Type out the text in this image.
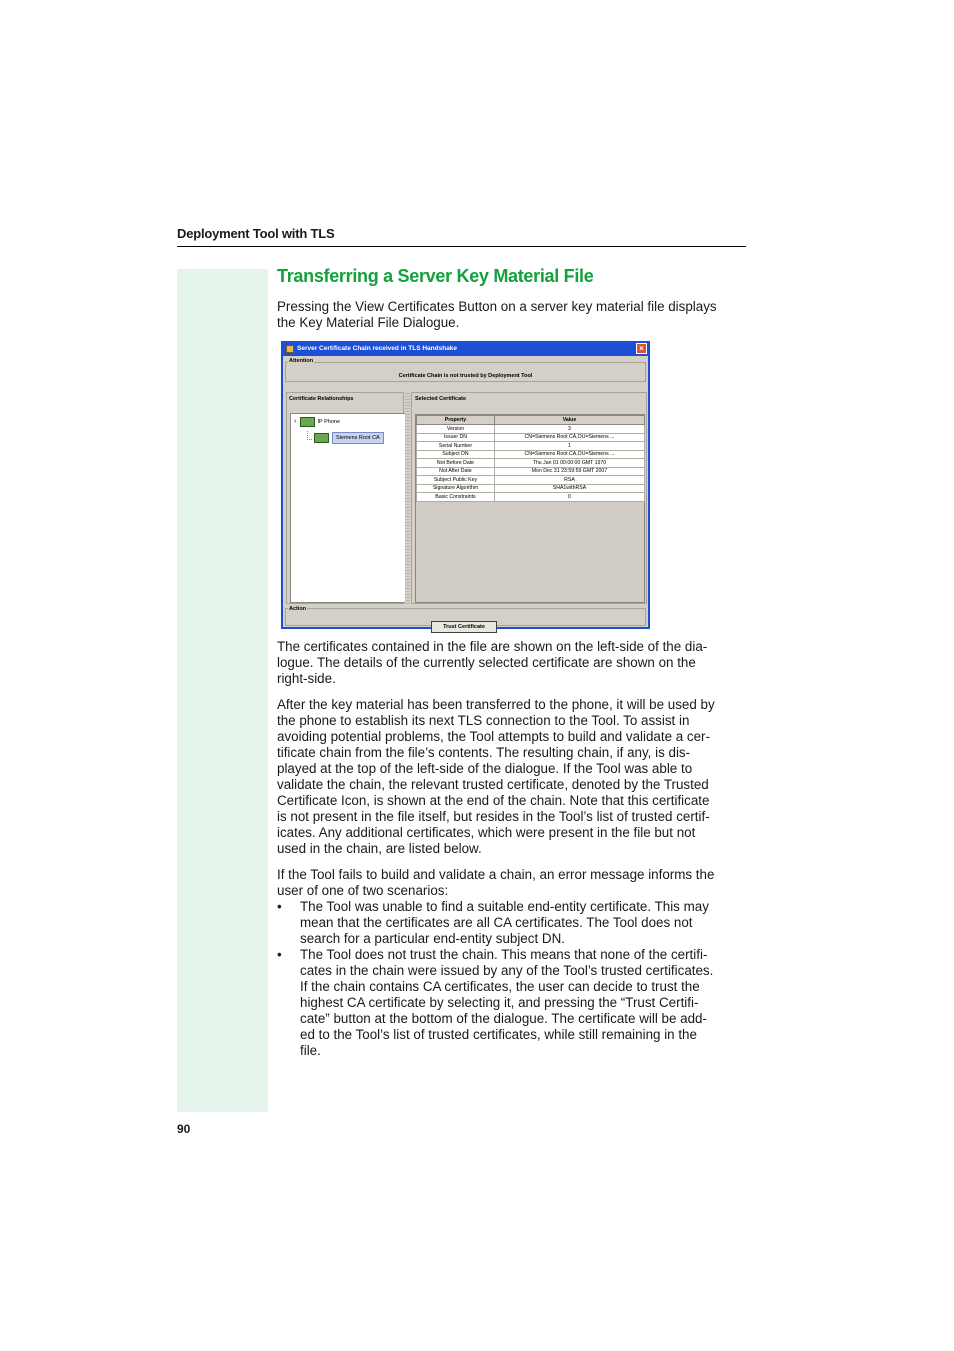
Deployment Tool with TLS
Transferring a Server Key Material File
Pressing the View Certificates Button on a server key material file displays
the Key Material File Dialogue.
Server Certificate Chain received in TLS Handshake	×
Certificate Chain is not trusted by Deployment Tool
Attention
Certificate Relationships
♀	IP Phone
Siemens Root CA
Selected Certificate
Property	Value
Version	3
Issuer DN	CN=Siemens Root CA,OU=Siemens ...
Serial Number	1
Subject DN	CN=Siemens Root CA,OU=Siemens ...
Not Before Date	Thu Jan 01 00:00:00 GMT 1970
Not After Date	Mon Dec 31 23:59:59 GMT 2007
Subject Public Key	RSA
Signature Algorithm	SHA1withRSA
Basic Constraints	0
Action
Trust Certificate
The certificates contained in the file are shown on the left-side of the dia-
logue. The details of the currently selected certificate are shown on the
right-side.
After the key material has been transferred to the phone, it will be used by
the phone to establish its next TLS connection to the Tool. To assist in
avoiding potential problems, the Tool attempts to build and validate a cer-
tificate chain from the file’s contents. The resulting chain, if any, is dis-
played at the top of the left-side of the dialogue. If the Tool was able to
validate the chain, the relevant trusted certificate, denoted by the Trusted
Certificate Icon, is shown at the end of the chain. Note that this certificate
is not present in the file itself, but resides in the Tool’s list of trusted certif-
icates. Any additional certificates, which were present in the file but not
used in the chain, are listed below.
If the Tool fails to build and validate a chain, an error message informs the
user of one of two scenarios:
• The Tool was unable to find a suitable end-entity certificate. This may
mean that the certificates are all CA certificates. The Tool does not
search for a particular end-entity subject DN.
• The Tool does not trust the chain. This means that none of the certifi-
cates in the chain were issued by any of the Tool’s trusted certificates.
If the chain contains CA certificates, the user can decide to trust the
highest CA certificate by selecting it, and pressing the “Trust Certifi-
cate” button at the bottom of the dialogue. The certificate will be add-
ed to the Tool’s list of trusted certificates, while still remaining in the
file.
90
